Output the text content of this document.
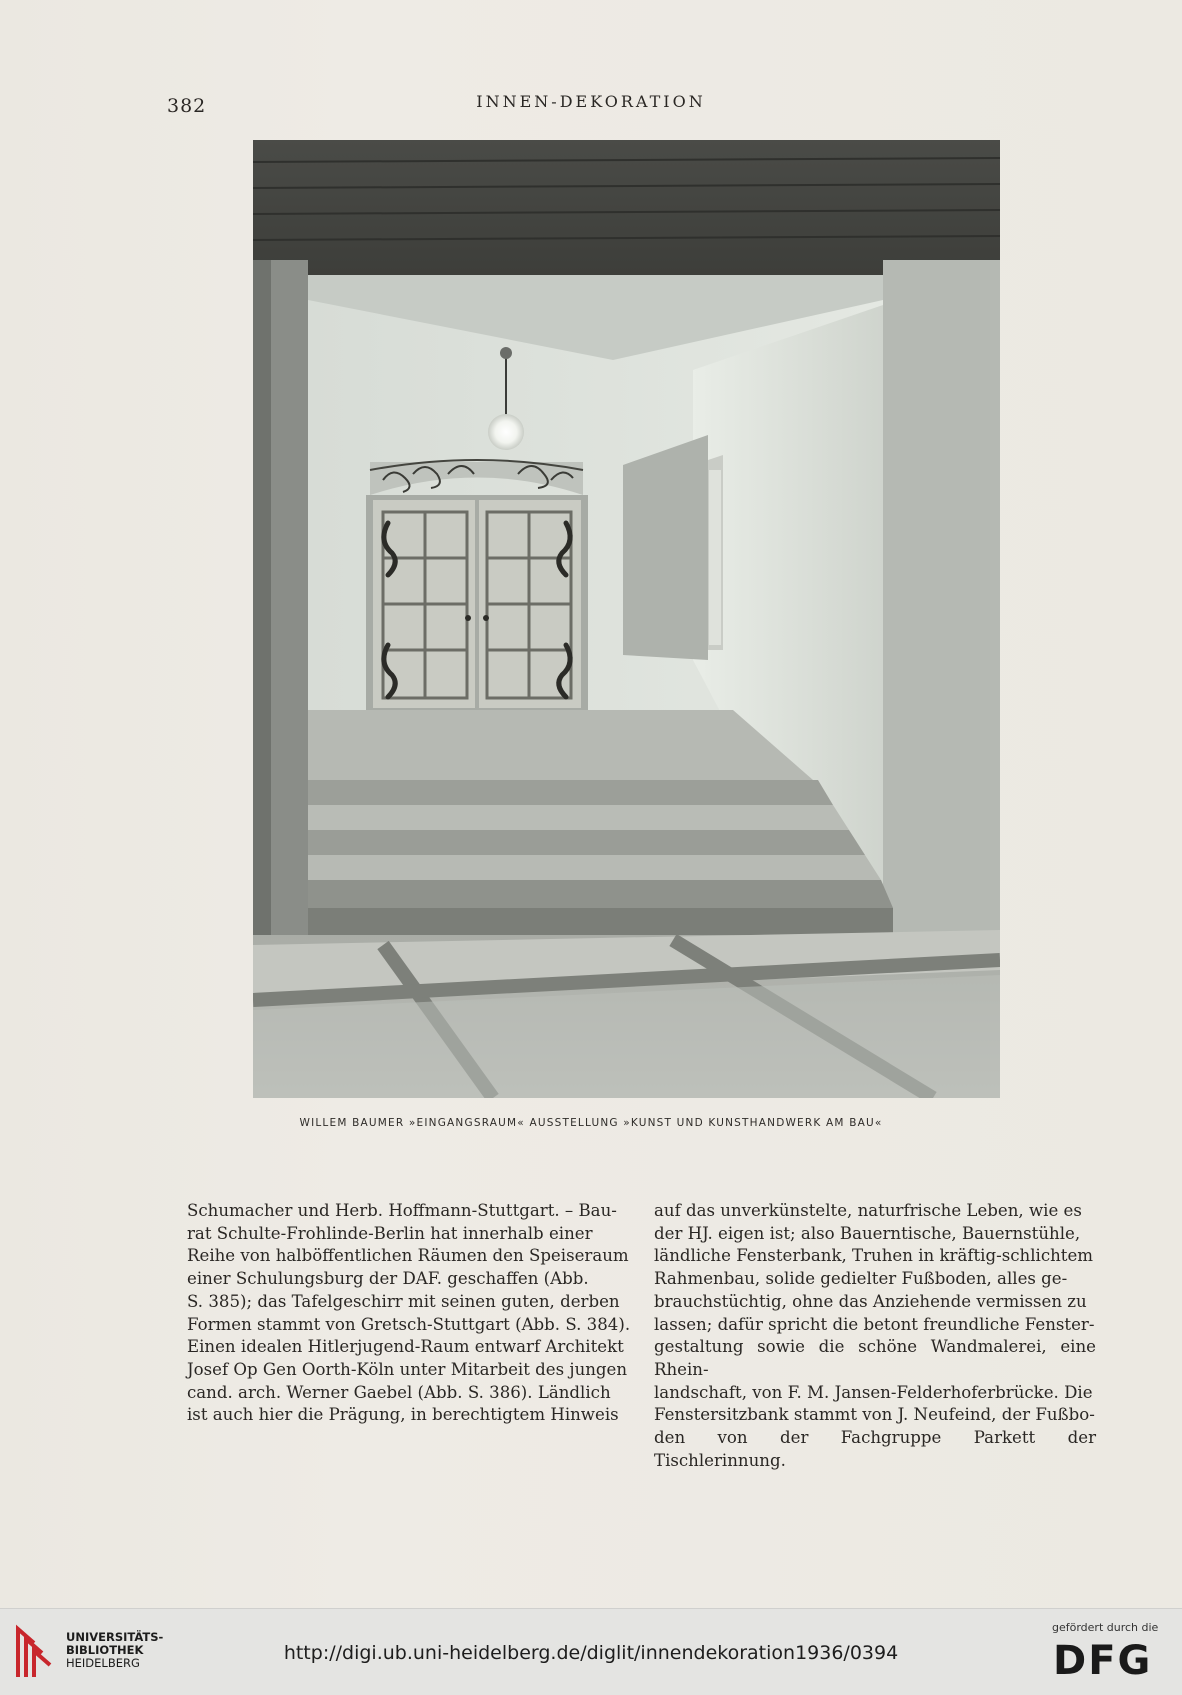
382	INNEN-DEKORATION
WILLEM BAUMER »EINGANGSRAUM« AUSSTELLUNG »KUNST UND KUNSTHANDWERK AM BAU«

Schumacher und Herb. Hoffmann-Stuttgart. – Bau-

rat Schulte-Frohlinde-Berlin hat innerhalb einer

Reihe von halböffentlichen Räumen den Speiseraum

einer Schulungsburg der DAF. geschaffen (Abb.

S. 385); das Tafelgeschirr mit seinen guten, derben

Formen stammt von Gretsch-Stuttgart (Abb. S. 384).

Einen idealen Hitlerjugend-Raum entwarf Architekt

Josef Op Gen Oorth-Köln unter Mitarbeit des jungen

cand. arch. Werner Gaebel (Abb. S. 386). Ländlich

ist auch hier die Prägung, in berechtigtem Hinweis

auf das unverkünstelte, naturfrische Leben, wie es

der HJ. eigen ist; also Bauerntische, Bauernstühle,

ländliche Fensterbank, Truhen in kräftig-schlichtem

Rahmenbau, solide gedielter Fußboden, alles ge-

brauchstüchtig, ohne das Anziehende vermissen zu

lassen; dafür spricht die betont freundliche Fenster-

gestaltung sowie die schöne Wandmalerei, eine Rhein-

landschaft, von F. M. Jansen-Felderhoferbrücke. Die

Fenstersitzbank stammt von J. Neufeind, der Fußbo-

den von der Fachgruppe Parkett der Tischlerinnung.

UNIVERSITÄTS-
BIBLIOTHEK
HEIDELBERG	http://digi.ub.uni-heidelberg.de/diglit/innendekoration1936/0394
gefördert durch die
DFG
